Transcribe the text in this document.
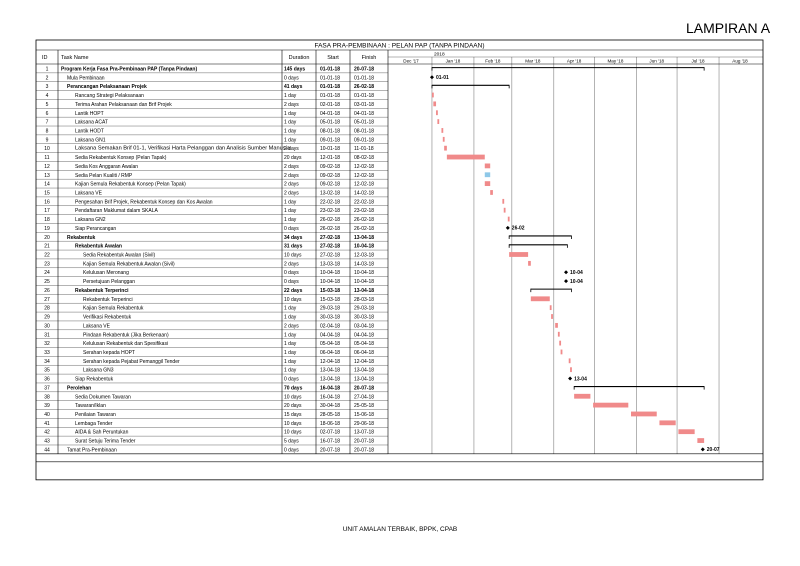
LAMPIRAN A
FASA PRA-PEMBINAAN : PELAN PAP (TANPA PINDAAN)
ID Task Name	Duration	Start	Finish	2018
Dec '17	Jan '18	Feb '18	Mar '18	Apr '18	May '18	Jun '18	Jul '18	Aug '18
1	Program Kerja Fasa Pra-Pembinaan PAP (Tanpa Pindaan)	145 days	01-01-18	20-07-18
2	Mula Pembinaan	0 days	01-01-18	01-01-18	01-01
3	Perancangan Pelaksanaan Projek	41 days	01-01-18	26-02-18
4	Rancang Strategi Pelaksanaan	1 day	01-01-18	01-01-18
5	Terima Arahan Pelaksanaan dan Brif Projek	2 days	02-01-18	03-01-18
6	Lantik HOPT	1 day	04-01-18	04-01-18
7	Laksana ACAT	1 day	05-01-18	05-01-18
8	Lantik HODT	1 day	08-01-18	08-01-18
9	Laksana GN1	1 day	09-01-18	09-01-18
10	Laksana Semakan Brif 01-1, Verifikasi Harta Pelanggan dan Analisis Sumber Manusia
2 days	10-01-18	11-01-18
11	Sedia Rekabentuk Konsep (Pelan Tapak)	20 days	12-01-18	08-02-18
12	Sedia Kos Anggaran Awalan	2 days	09-02-18	12-02-18
13	Sedia Pelan Kualiti / RMP	2 days	09-02-18	12-02-18
14	Kajian Semula Rekabentuk Konsep (Pelan Tapak)	2 days	09-02-18	12-02-18
15	Laksana VE	2 days	13-02-18	14-02-18
16	Pengesahan Brif Projek, Rekabentuk Konsep dan Kos Awalan	1 day	22-02-18	22-02-18
17	Pendaftaran Maklumat dalam SKALA	1 day	23-02-18	23-02-18
18	Laksana GN2	1 day	26-02-18	26-02-18
19	Siap Perancangan	0 days	26-02-18	26-02-18	26-02
20	Rekabentuk	34 days	27-02-18	13-04-18
21	Rekabentuk Awalan	31 days	27-02-18	10-04-18
22	Sedia Rekabentuk Awalan (Sivil)	10 days	27-02-18	12-03-18
23	Kajian Semula Rekabentuk Awalan (Sivil)	2 days	13-03-18	14-03-18
24	Kelulusan Meronang	0 days	10-04-18	10-04-18	10-04
25	Persetujuan Pelanggan	0 days	10-04-18	10-04-18	10-04
26	Rekabentuk Terperinci	22 days	15-03-18	13-04-18
27	Rekabentuk Terperinci	10 days	15-03-18	28-03-18
28	Kajian Semula Rekabentuk	1 day	29-03-18	29-03-18
29	Verifikasi Rekabentuk	1 day	30-03-18	30-03-18
30	Laksana VE	2 days	02-04-18	03-04-18
31	Pindaan Rekabentuk (Jika Berkenaan)	1 day	04-04-18	04-04-18
32	Kelulusan Rekabentuk dan Spesifikasi	1 day	05-04-18	05-04-18
33	Serahan kepada HOPT	1 day	06-04-18	06-04-18
34	Serahan kepada Pejabat Pemanggil Tender	1 day	12-04-18	12-04-18
35	Laksana GN3	1 day	13-04-18	13-04-18
36	Siap Rekabentuk	0 days	13-04-18	13-04-18	13-04
37	Perolehan	70 days	16-04-18	20-07-18
38	Sedia Dokumen Tawaran	10 days	16-04-18	27-04-18
39	Tawaran/Iklan	20 days	30-04-18	25-05-18
40	Penilaian Tawaran	15 days	28-05-18	15-06-18
41	Lembaga Tender	10 days	18-06-18	29-06-18
42	AIDA & Sah Peruntukan	10 days	02-07-18	13-07-18
43	Surat Setuju Terima Tender	5 days	16-07-18	20-07-18
44	Tamat Pra-Pembinaan	0 days	20-07-18	20-07-18	20-07
UNIT AMALAN TERBAIK, BPPK, CPAB
